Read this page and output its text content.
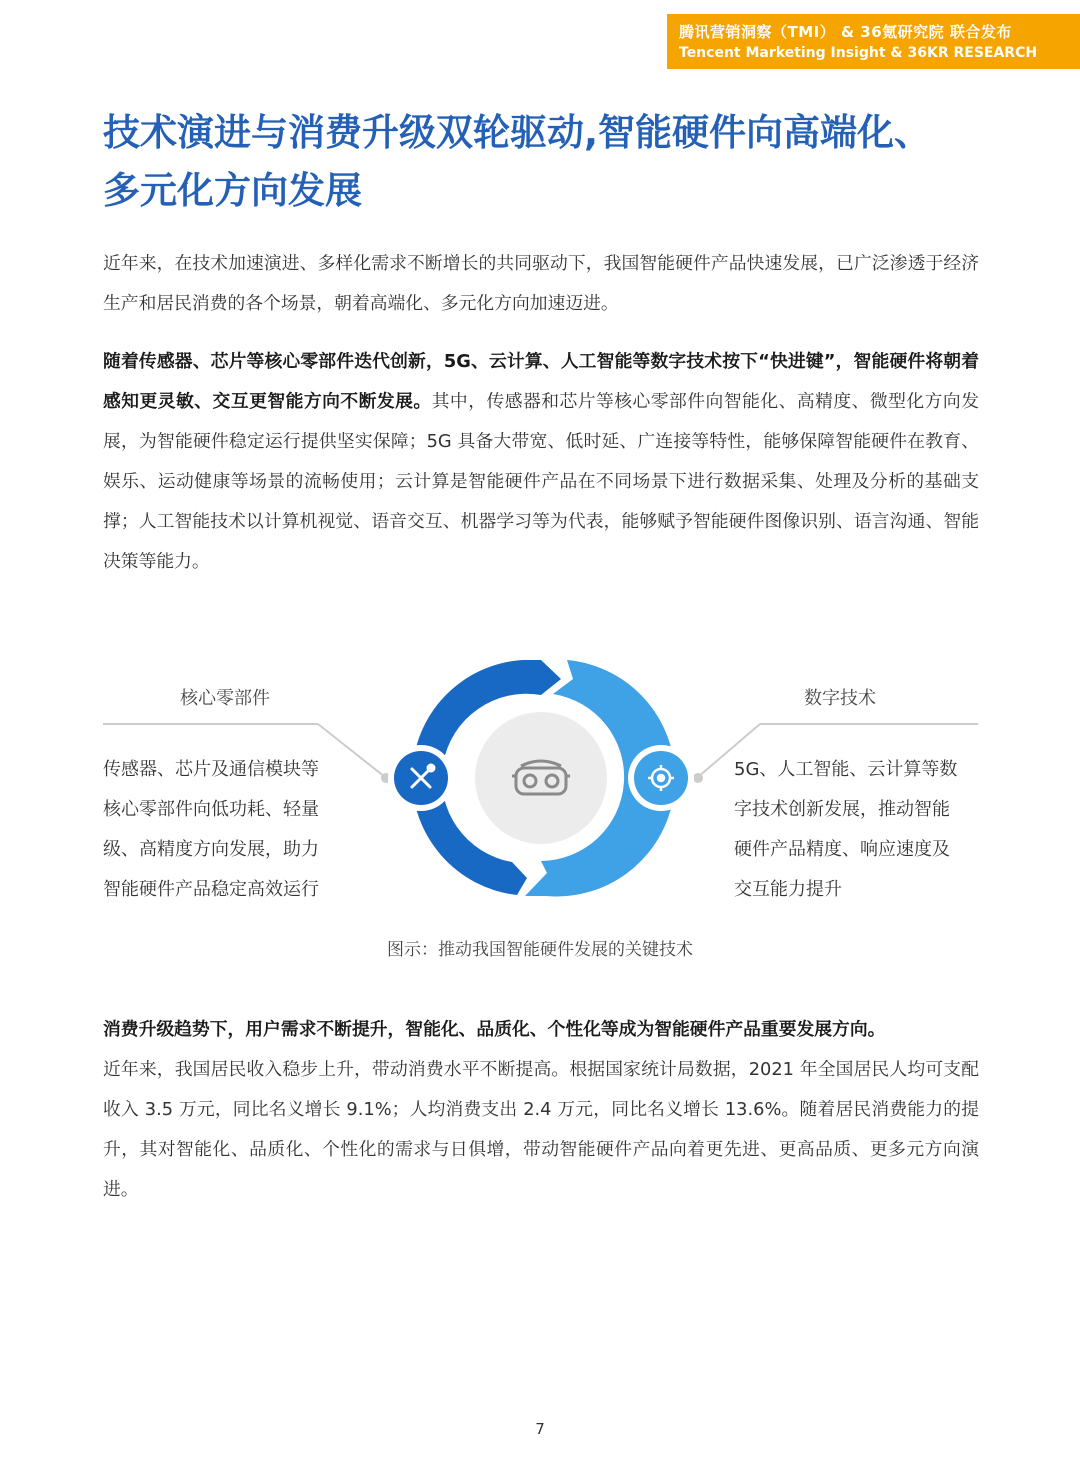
腾讯营销洞察（TMI） & 36氪研究院 联合发布
Tencent Marketing Insight & 36KR RESEARCH
技术演进与消费升级双轮驱动,智能硬件向高端化、
多元化方向发展

近年来，在技术加速演进、多样化需求不断增长的共同驱动下，我国智能硬件产品快速发展，已广泛渗透于经济生产和居民消费的各个场景，朝着高端化、多元化方向加速迈进。

随着传感器、芯片等核心零部件迭代创新，5G、云计算、人工智能等数字技术按下“快进键”，智能硬件将朝着感知更灵敏、交互更智能方向不断发展。其中，传感器和芯片等核心零部件向智能化、高精度、微型化方向发展，为智能硬件稳定运行提供坚实保障；5G 具备大带宽、低时延、广连接等特性，能够保障智能硬件在教育、娱乐、运动健康等场景的流畅使用；云计算是智能硬件产品在不同场景下进行数据采集、处理及分析的基础支撑；人工智能技术以计算机视觉、语音交互、机器学习等为代表，能够赋予智能硬件图像识别、语言沟通、智能决策等能力。

核心零部件
传感器、芯片及通信模块等
核心零部件向低功耗、轻量
级、高精度方向发展，助力
智能硬件产品稳定高效运行
数字技术
5G、人工智能、云计算等数
字技术创新发展，推动智能
硬件产品精度、响应速度及
交互能力提升
图示：推动我国智能硬件发展的关键技术

消费升级趋势下，用户需求不断提升，智能化、品质化、个性化等成为智能硬件产品重要发展方向。
近年来，我国居民收入稳步上升，带动消费水平不断提高。根据国家统计局数据，2021 年全国居民人均可支配收入 3.5 万元，同比名义增长 9.1%；人均消费支出 2.4 万元，同比名义增长 13.6%。随着居民消费能力的提升，其对智能化、品质化、个性化的需求与日俱增，带动智能硬件产品向着更先进、更高品质、更多元方向演进。

7
